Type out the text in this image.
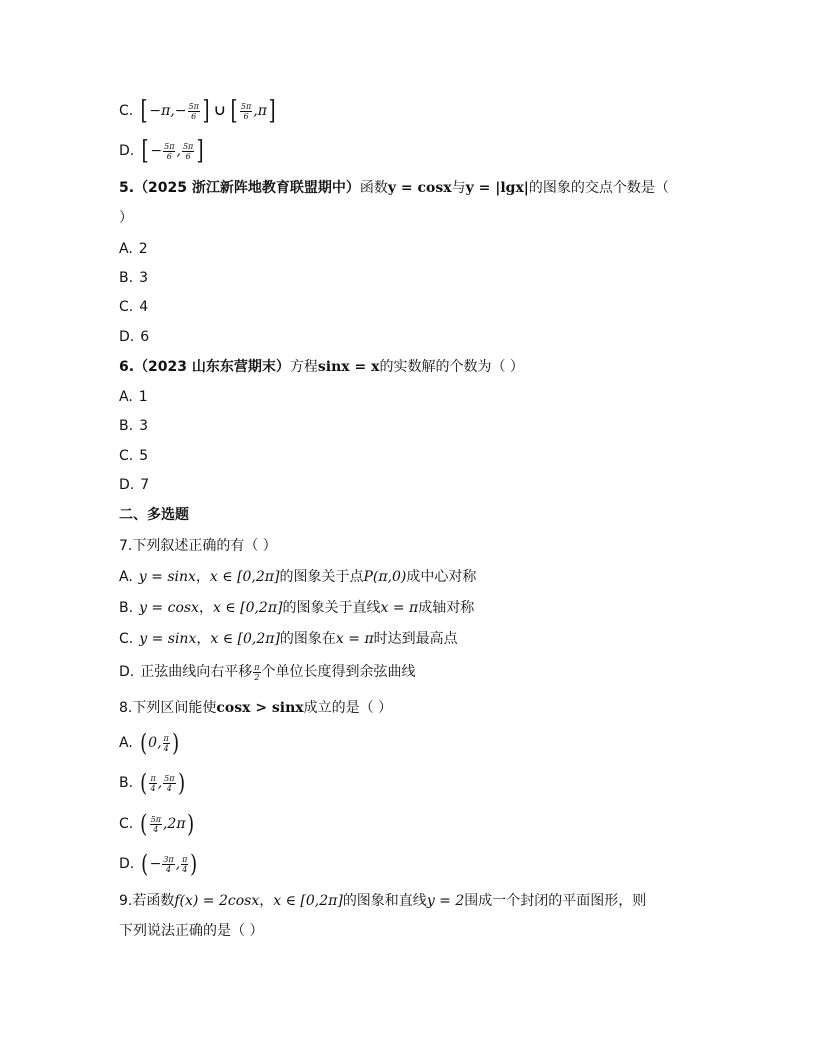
C. [ $-\pi,- \frac{5\pi}{6}$ ] ∪ [ $\frac{5\pi}{6} ,\pi$ ]
D. [ − $\frac{5\pi}{6}$ , $\frac{5\pi}{6}$ ]
5. （2025 浙江新阵地教育联盟期中） 函数 y = cosx 与 y = |lgx| 的图象的交点个数是（
）
A. 2
B. 3
C. 4
D. 6
6. （2023 山东东营期末） 方程 sinx = x 的实数解的个数为（ ）
A. 1
B. 3
C. 5
D. 7
二、多选题
7.下列叙述正确的有（ ）
A. y = sinx ， x ∈ [0,2π] 的图象关于点 P(π,0) 成中心对称
B. y = cosx ， x ∈ [0,2π] 的图象关于直线 x = π 成轴对称
C. y = sinx ， x ∈ [0,2π] 的图象在 x = π 时达到最高点
D. 正弦曲线向右平移 $\frac{\pi}{2}$ 个单位长度得到余弦曲线
8.下列区间能使 cosx > sinx 成立的是（ ）
A. ( 0, $\frac{\pi}{4}$ )
B. ( $\frac{\pi}{4}$ , $\frac{5\pi}{4}$ )
C. ( $\frac{5\pi}{4} ,2\pi$ )
D. ( − $\frac{3\pi}{4}$ , $\frac{\pi}{4}$ )
9.若函数 f(x) = 2cosx ， x ∈ [0,2π] 的图象和直线 y = 2 围成一个封闭的平面图形，则
下列说法正确的是（ ）
